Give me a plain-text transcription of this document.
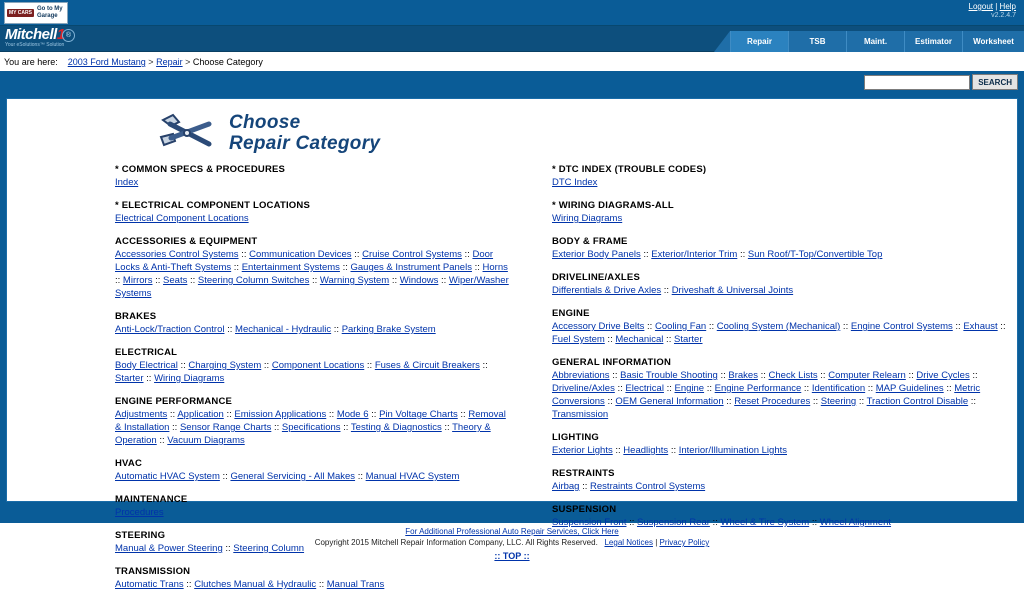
MY CARS
Go to My
Garage
Logout | Help
v2.2.4.7
Mitchell1
Your eSolutions™ Solution
®
Repair	TSB	Maint.	Estimator	Worksheet
You are here: 2003 Ford Mustang > Repair > Choose Category
SEARCH
Choose
Repair Category
* COMMON SPECS & PROCEDURES
Index
* ELECTRICAL COMPONENT LOCATIONS
Electrical Component Locations
ACCESSORIES & EQUIPMENT
Accessories Control Systems :: Communication Devices :: Cruise Control Systems :: Door Locks & Anti-Theft Systems :: Entertainment Systems :: Gauges & Instrument Panels :: Horns :: Mirrors :: Seats :: Steering Column Switches :: Warning System :: Windows :: Wiper/Washer Systems
BRAKES
Anti-Lock/Traction Control :: Mechanical - Hydraulic :: Parking Brake System
ELECTRICAL
Body Electrical :: Charging System :: Component Locations :: Fuses & Circuit Breakers :: Starter :: Wiring Diagrams
ENGINE PERFORMANCE
Adjustments :: Application :: Emission Applications :: Mode 6 :: Pin Voltage Charts :: Removal & Installation :: Sensor Range Charts :: Specifications :: Testing & Diagnostics :: Theory & Operation :: Vacuum Diagrams
HVAC
Automatic HVAC System :: General Servicing - All Makes :: Manual HVAC System
MAINTENANCE
Procedures
STEERING
Manual & Power Steering :: Steering Column
TRANSMISSION
Automatic Trans :: Clutches Manual & Hydraulic :: Manual Trans
* DTC INDEX (TROUBLE CODES)
DTC Index
* WIRING DIAGRAMS-ALL
Wiring Diagrams
BODY & FRAME
Exterior Body Panels :: Exterior/Interior Trim :: Sun Roof/T-Top/Convertible Top
DRIVELINE/AXLES
Differentials & Drive Axles :: Driveshaft & Universal Joints
ENGINE
Accessory Drive Belts :: Cooling Fan :: Cooling System (Mechanical) :: Engine Control Systems :: Exhaust :: Fuel System :: Mechanical :: Starter
GENERAL INFORMATION
Abbreviations :: Basic Trouble Shooting :: Brakes :: Check Lists :: Computer Relearn :: Drive Cycles :: Driveline/Axles :: Electrical :: Engine :: Engine Performance :: Identification :: MAP Guidelines :: Metric Conversions :: OEM General Information :: Reset Procedures :: Steering :: Traction Control Disable :: Transmission
LIGHTING
Exterior Lights :: Headlights :: Interior/Illumination Lights
RESTRAINTS
Airbag :: Restraints Control Systems
SUSPENSION
Suspension Front :: Suspension Rear :: Wheel & Tire System :: Wheel Alignment
For Additional Professional Auto Repair Services, Click Here
Copyright 2015 Mitchell Repair Information Company, LLC. All Rights Reserved. Legal Notices | Privacy Policy
:: TOP ::
